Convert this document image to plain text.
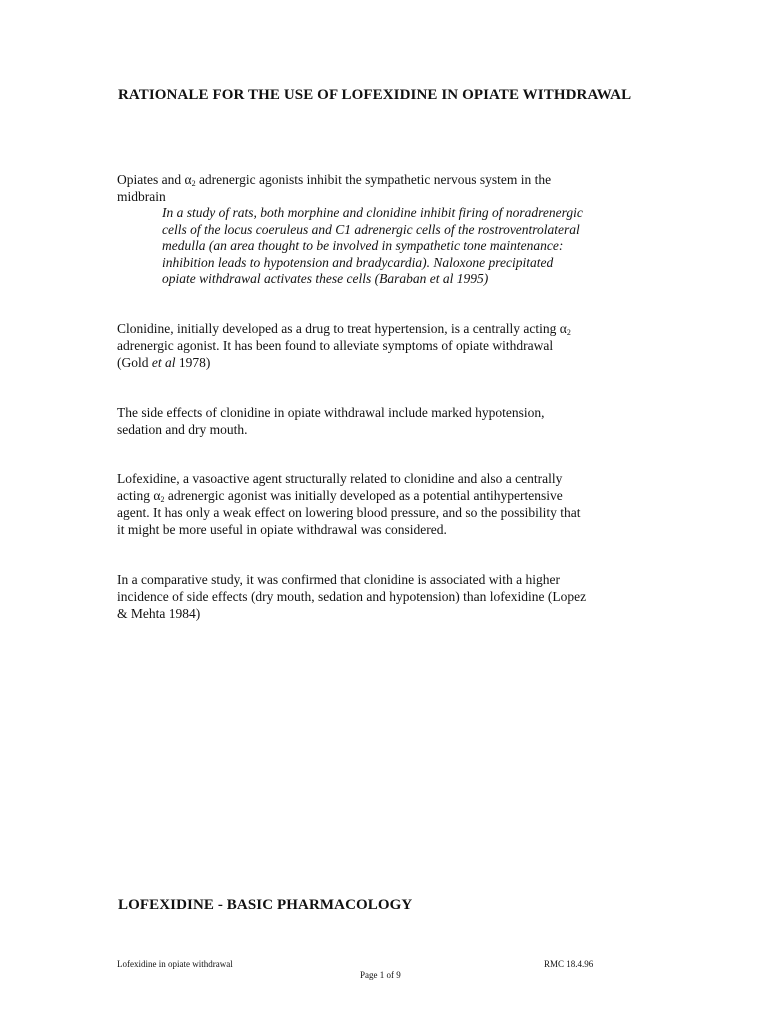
RATIONALE FOR THE USE OF LOFEXIDINE IN OPIATE WITHDRAWAL
Opiates and $\alpha_2$ adrenergic agonists inhibit the sympathetic nervous system in the
midbrain
In a study of rats, both morphine and clonidine inhibit firing of noradrenergic
cells of the locus coeruleus and C1 adrenergic cells of the rostroventrolateral
medulla (an area thought to be involved in sympathetic tone maintenance:
inhibition leads to hypotension and bradycardia). Naloxone precipitated
opiate withdrawal activates these cells (Baraban et al 1995)
Clonidine, initially developed as a drug to treat hypertension, is a centrally acting $\alpha_2$
adrenergic agonist. It has been found to alleviate symptoms of opiate withdrawal
(Gold et al 1978)
The side effects of clonidine in opiate withdrawal include marked hypotension,
sedation and dry mouth.
Lofexidine, a vasoactive agent structurally related to clonidine and also a centrally
acting $\alpha_2$ adrenergic agonist was initially developed as a potential antihypertensive
agent. It has only a weak effect on lowering blood pressure, and so the possibility that
it might be more useful in opiate withdrawal was considered.
In a comparative study, it was confirmed that clonidine is associated with a higher
incidence of side effects (dry mouth, sedation and hypotension) than lofexidine (Lopez
& Mehta 1984)
LOFEXIDINE - BASIC PHARMACOLOGY
Lofexidine in opiate withdrawal	RMC 18.4.96
Page 1 of 9
